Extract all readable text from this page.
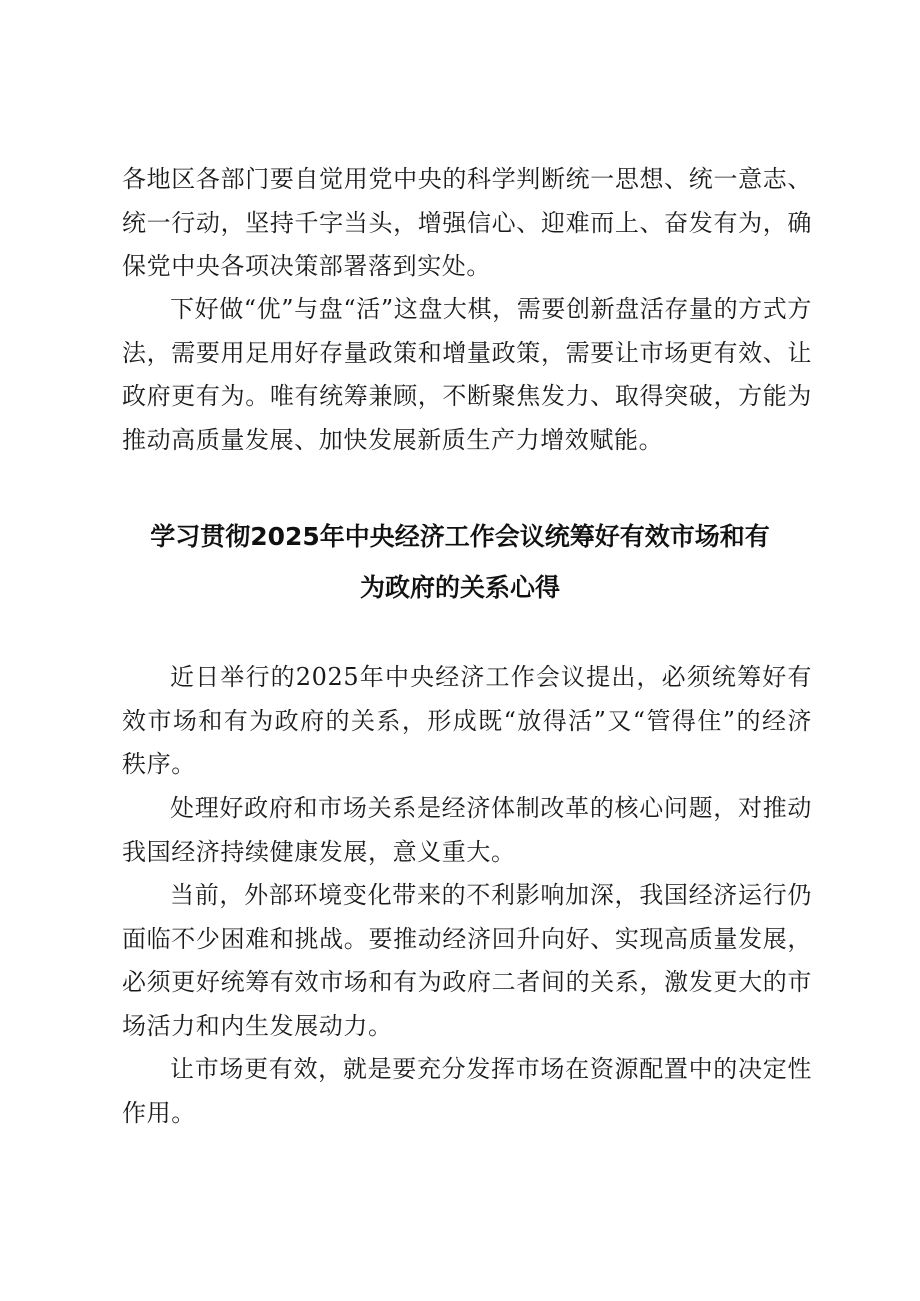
各地区各部门要自觉用党中央的科学判断统一思想、统一意志、统一行动，坚持千字当头，增强信心、迎难而上、奋发有为，确保党中央各项决策部署落到实处。

下好做“优”与盘“活”这盘大棋，需要创新盘活存量的方式方法，需要用足用好存量政策和增量政策，需要让市场更有效、让政府更有为。唯有统筹兼顾，不断聚焦发力、取得突破，方能为推动高质量发展、加快发展新质生产力增效赋能。

学习贯彻2025年中央经济工作会议统筹好有效市场和有
为政府的关系心得

近日举行的2025年中央经济工作会议提出，必须统筹好有效市场和有为政府的关系，形成既“放得活”又“管得住”的经济秩序。

处理好政府和市场关系是经济体制改革的核心问题，对推动我国经济持续健康发展，意义重大。

当前，外部环境变化带来的不利影响加深，我国经济运行仍面临不少困难和挑战。要推动经济回升向好、实现高质量发展，必须更好统筹有效市场和有为政府二者间的关系，激发更大的市场活力和内生发展动力。

让市场更有效，就是要充分发挥市场在资源配置中的决定性作用。
